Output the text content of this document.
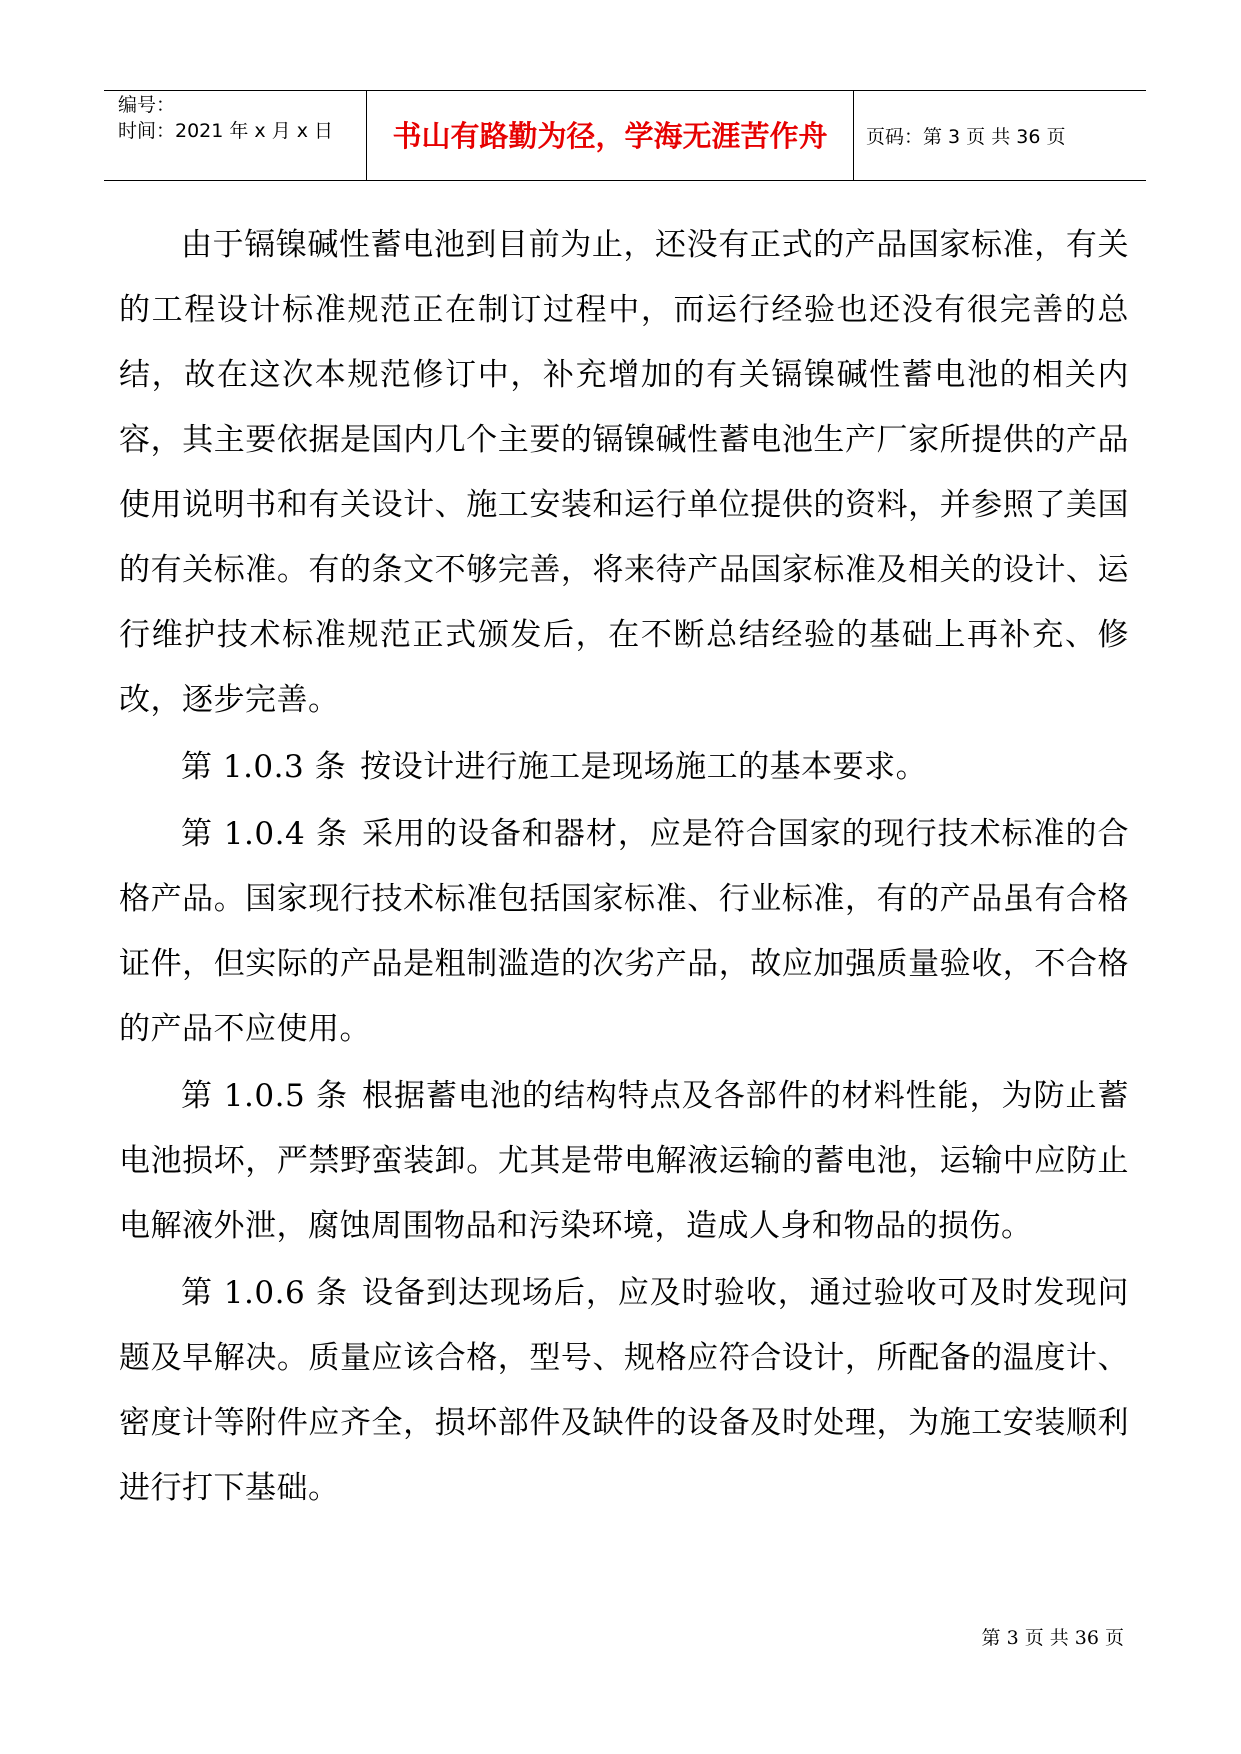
编号：
时间：2021 年 x 月 x 日	书山有路勤为径，学海无涯苦作舟	页码：第 3 页 共 36 页

由于镉镍碱性蓄电池到目前为止，还没有正式的产品国家标准，有关的工程设计标准规范正在制订过程中，而运行经验也还没有很完善的总结，故在这次本规范修订中，补充增加的有关镉镍碱性蓄电池的相关内容，其主要依据是国内几个主要的镉镍碱性蓄电池生产厂家所提供的产品使用说明书和有关设计、施工安装和运行单位提供的资料，并参照了美国的有关标准。有的条文不够完善，将来待产品国家标准及相关的设计、运行维护技术标准规范正式颁发后，在不断总结经验的基础上再补充、修改，逐步完善。

第 1.0.3 条 按设计进行施工是现场施工的基本要求。

第 1.0.4 条 采用的设备和器材，应是符合国家的现行技术标准的合格产品。国家现行技术标准包括国家标准、行业标准，有的产品虽有合格证件，但实际的产品是粗制滥造的次劣产品，故应加强质量验收，不合格的产品不应使用。

第 1.0.5 条 根据蓄电池的结构特点及各部件的材料性能，为防止蓄电池损坏，严禁野蛮装卸。尤其是带电解液运输的蓄电池，运输中应防止电解液外泄，腐蚀周围物品和污染环境，造成人身和物品的损伤。

第 1.0.6 条 设备到达现场后，应及时验收，通过验收可及时发现问题及早解决。质量应该合格，型号、规格应符合设计，所配备的温度计、密度计等附件应齐全，损坏部件及缺件的设备及时处理，为施工安装顺利进行打下基础。

第 3 页 共 36 页
